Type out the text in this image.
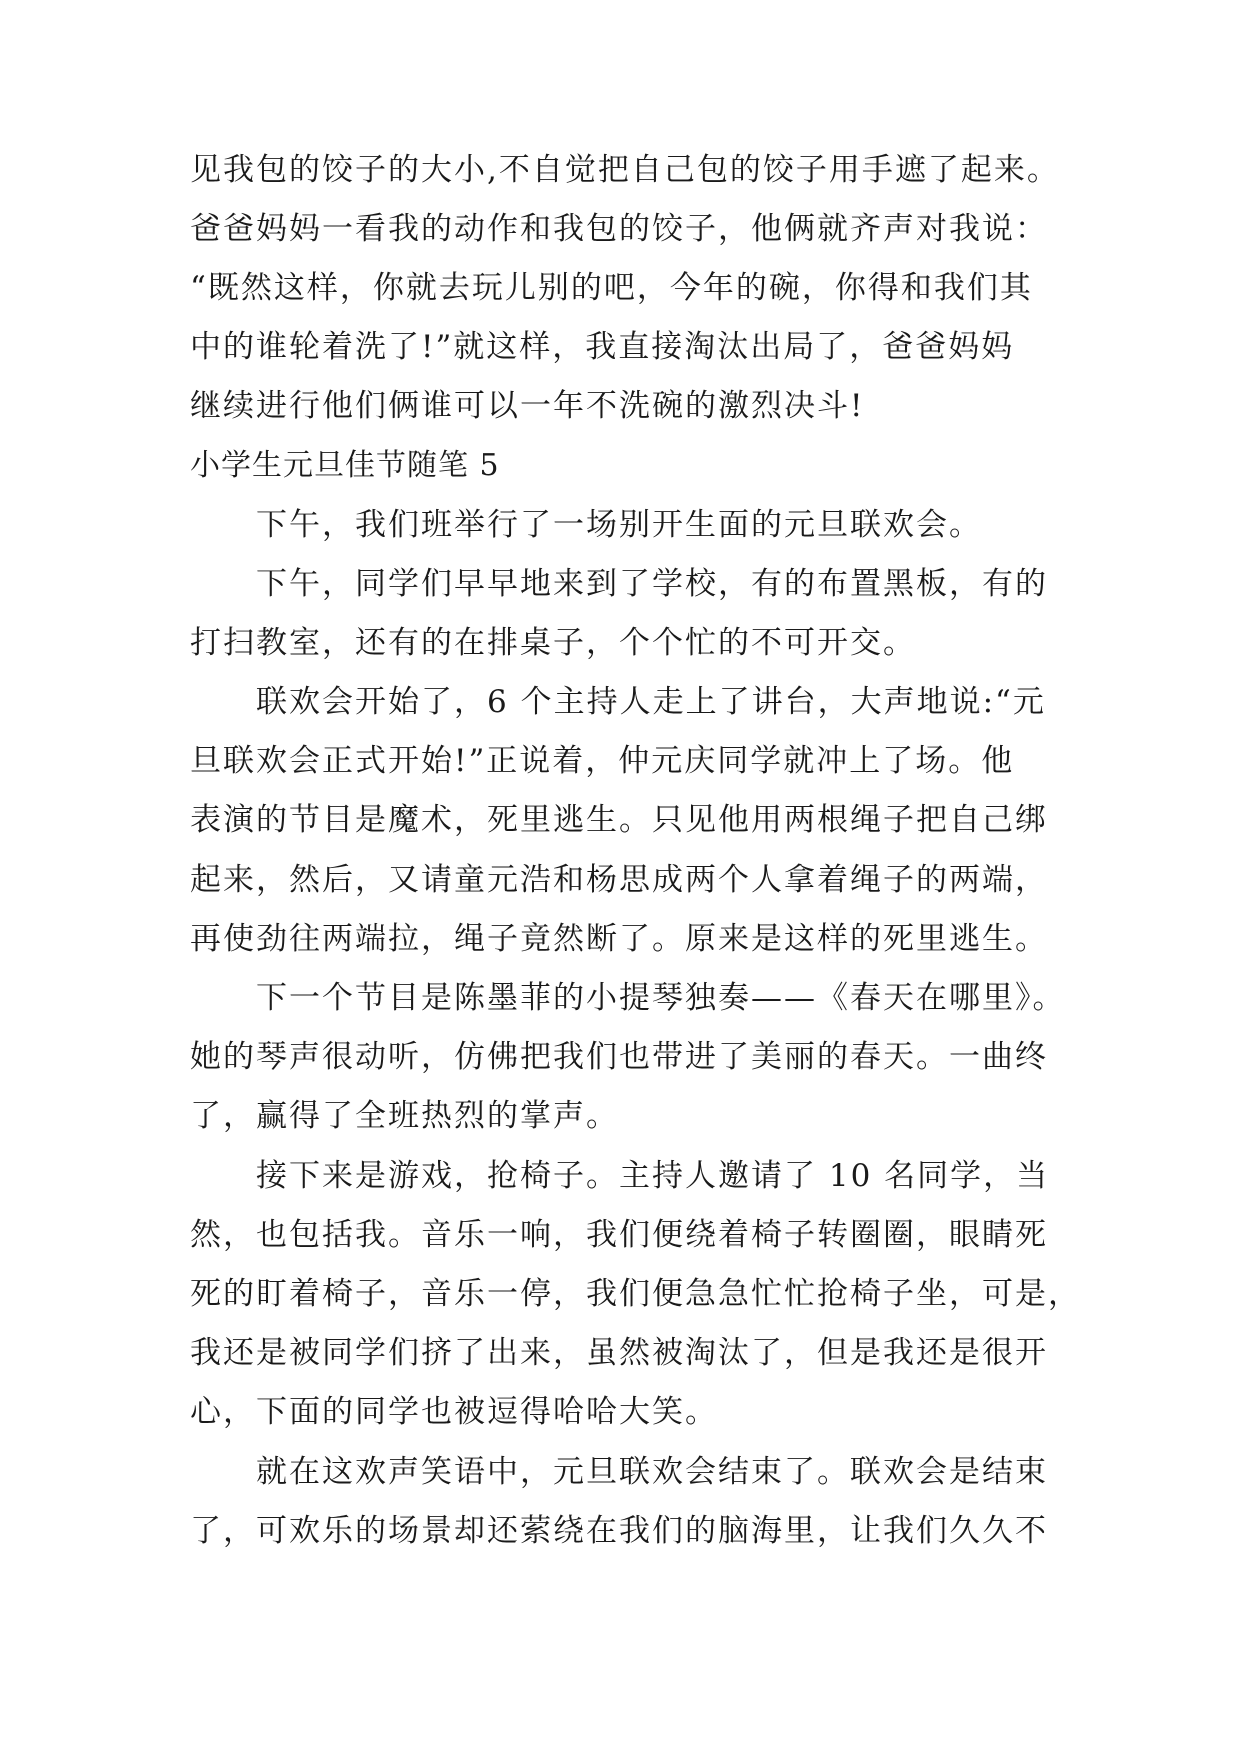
见我包的饺子的大小,不自觉把自己包的饺子用手遮了起来。
爸爸妈妈一看我的动作和我包的饺子，他俩就齐声对我说：
“既然这样，你就去玩儿别的吧，今年的碗，你得和我们其
中的谁轮着洗了!”就这样，我直接淘汰出局了，爸爸妈妈
继续进行他们俩谁可以一年不洗碗的激烈决斗!
小学生元旦佳节随笔 5
下午，我们班举行了一场别开生面的元旦联欢会。
下午，同学们早早地来到了学校，有的布置黑板，有的
打扫教室，还有的在排桌子，个个忙的不可开交。
联欢会开始了，6 个主持人走上了讲台，大声地说:“元
旦联欢会正式开始!”正说着，仲元庆同学就冲上了场。他
表演的节目是魔术，死里逃生。只见他用两根绳子把自己绑
起来，然后，又请童元浩和杨思成两个人拿着绳子的两端，
再使劲往两端拉，绳子竟然断了。原来是这样的死里逃生。
下一个节目是陈墨菲的小提琴独奏——《春天在哪里》。
她的琴声很动听，仿佛把我们也带进了美丽的春天。一曲终
了，赢得了全班热烈的掌声。
接下来是游戏，抢椅子。主持人邀请了 10 名同学，当
然，也包括我。音乐一响，我们便绕着椅子转圈圈，眼睛死
死的盯着椅子，音乐一停，我们便急急忙忙抢椅子坐，可是，
我还是被同学们挤了出来，虽然被淘汰了，但是我还是很开
心，下面的同学也被逗得哈哈大笑。
就在这欢声笑语中，元旦联欢会结束了。联欢会是结束
了，可欢乐的场景却还萦绕在我们的脑海里，让我们久久不
